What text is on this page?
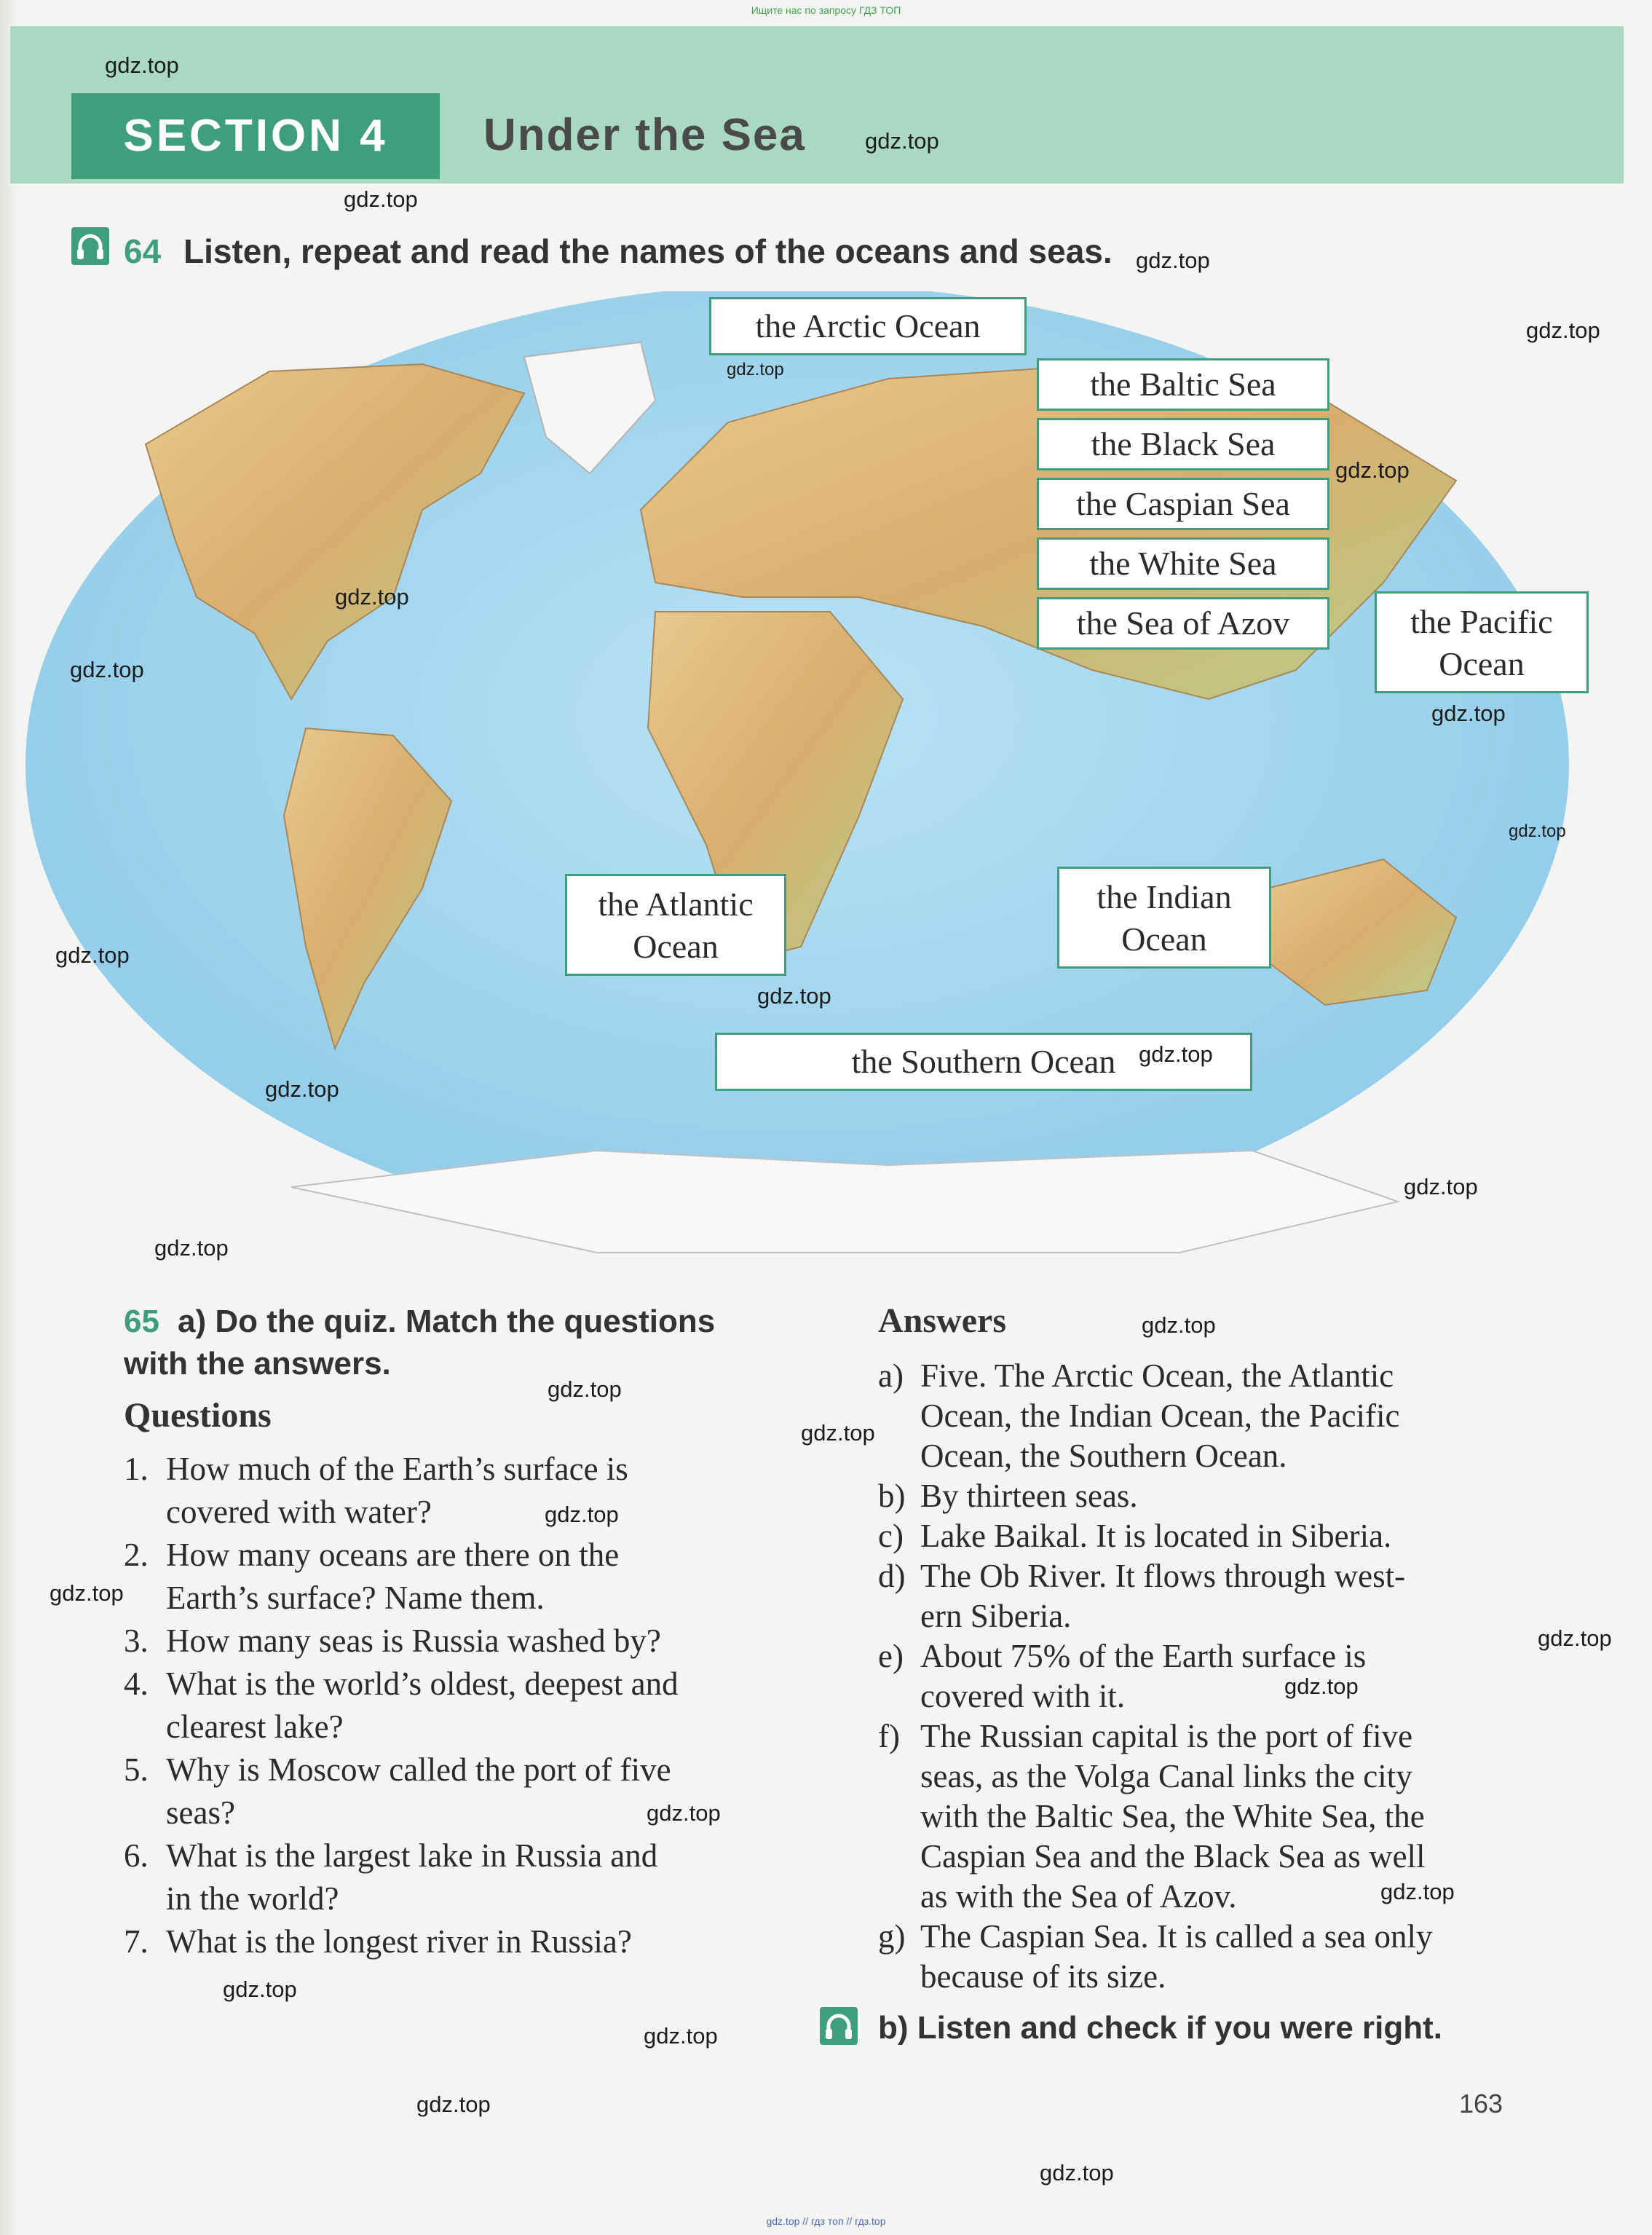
Ищите нас по запросу ГДЗ ТОП
SECTION 4	Under the Sea
64 Listen, repeat and read the names of the oceans and seas.
the Arctic Ocean
the Baltic Sea
the Black Sea
the Caspian Sea
the White Sea
the Sea of Azov	the Pacific
Ocean
the Atlantic
Ocean
the Indian
Ocean
the Southern Ocean
65 a) Do the quiz. Match the questions
with the answers.
Questions
Answers
1. How much of the Earth’s surface is
covered with water?
2. How many oceans are there on the
Earth’s surface? Name them.
3. How many seas is Russia washed by?
4. What is the world’s oldest, deepest and
clearest lake?
5. Why is Moscow called the port of five
seas?
6. What is the largest lake in Russia and
in the world?
7. What is the longest river in Russia?
a) Five. The Arctic Ocean, the Atlantic
Ocean, the Indian Ocean, the Pacific
Ocean, the Southern Ocean.
b) By thirteen seas.
c) Lake Baikal. It is located in Siberia.
d) The Ob River. It flows through west-
ern Siberia.
e) About 75% of the Earth surface is
covered with it.
f) The Russian capital is the port of five
seas, as the Volga Canal links the city
with the Baltic Sea, the White Sea, the
Caspian Sea and the Black Sea as well
as with the Sea of Azov.
g) The Caspian Sea. It is called a sea only
because of its size.
b) Listen and check if you were right.
163
gdz.top
gdz.top
gdz.top
gdz.top
gdz.top
gdz.top
gdz.top
gdz.top
gdz.top
gdz.top
gdz.top
gdz.top
gdz.top
gdz.top
gdz.top
gdz.top
gdz.top
gdz.top
gdz.top
gdz.top
gdz.top
gdz.top
gdz.top
gdz.top
gdz.top
gdz.top
gdz.top
gdz.top
gdz.top
gdz.top
gdz.top // гдз топ // гдз.top
